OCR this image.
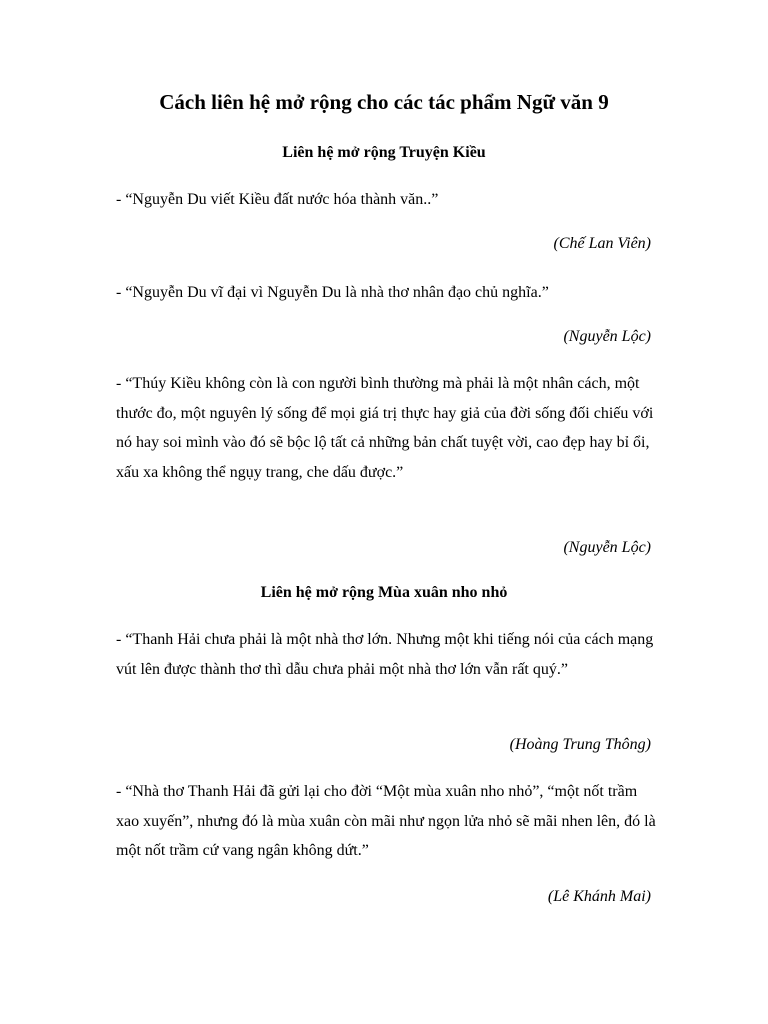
Cách liên hệ mở rộng cho các tác phẩm Ngữ văn 9
Liên hệ mở rộng Truyện Kiều

- “Nguyễn Du viết Kiều đất nước hóa thành văn..”

(Chế Lan Viên)

- “Nguyễn Du vĩ đại vì Nguyễn Du là nhà thơ nhân đạo chủ nghĩa.”

(Nguyễn Lộc)

- “Thúy Kiều không còn là con người bình thường mà phải là một nhân cách, một thước đo, một nguyên lý sống để mọi giá trị thực hay giả của đời sống đối chiếu với nó hay soi mình vào đó sẽ bộc lộ tất cả những bản chất tuyệt vời, cao đẹp hay bỉ ổi, xấu xa không thể ngụy trang, che dấu được.”

(Nguyễn Lộc)

Liên hệ mở rộng Mùa xuân nho nhỏ

- “Thanh Hải chưa phải là một nhà thơ lớn. Nhưng một khi tiếng nói của cách mạng vút lên được thành thơ thì dẫu chưa phải một nhà thơ lớn vẫn rất quý.”

(Hoàng Trung Thông)

- “Nhà thơ Thanh Hải đã gửi lại cho đời “Một mùa xuân nho nhỏ”, “một nốt trầm xao xuyến”, nhưng đó là mùa xuân còn mãi như ngọn lửa nhỏ sẽ mãi nhen lên, đó là một nốt trầm cứ vang ngân không dứt.”

(Lê Khánh Mai)
